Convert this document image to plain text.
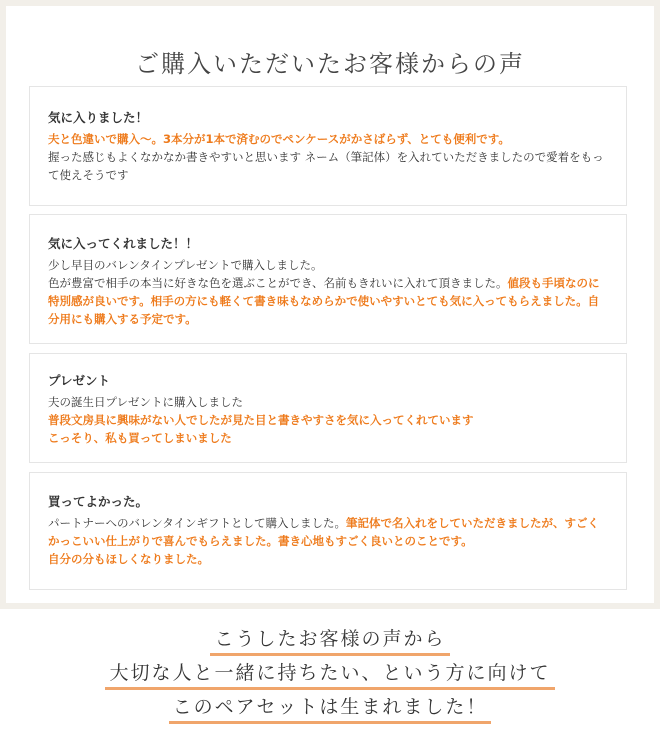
ご購入いただいたお客様からの声
気に入りました！

夫と色違いで購入～。3本分が1本で済むのでペンケースがかさばらず、とても便利です。
握った感じもよくなかなか書きやすいと思います ネーム（筆記体）を入れていただきましたので愛着をもって使えそうです

気に入ってくれました！！

少し早目のバレンタインプレゼントで購入しました。
色が豊富で相手の本当に好きな色を選ぶことができ、名前もきれいに入れて頂きました。値段も手頃なのに特別感が良いです。相手の方にも軽くて書き味もなめらかで使いやすいとても気に入ってもらえました。自分用にも購入する予定です。

プレゼント

夫の誕生日プレゼントに購入しました
普段文房具に興味がない人でしたが見た目と書きやすさを気に入ってくれています
こっそり、私も買ってしまいました

買ってよかった。

パートナーへのバレンタインギフトとして購入しました。筆記体で名入れをしていただきましたが、すごくかっこいい仕上がりで喜んでもらえました。書き心地もすごく良いとのことです。
自分の分もほしくなりました。

こうしたお客様の声から
大切な人と一緒に持ちたい、という方に向けて
このペアセットは生まれました！
